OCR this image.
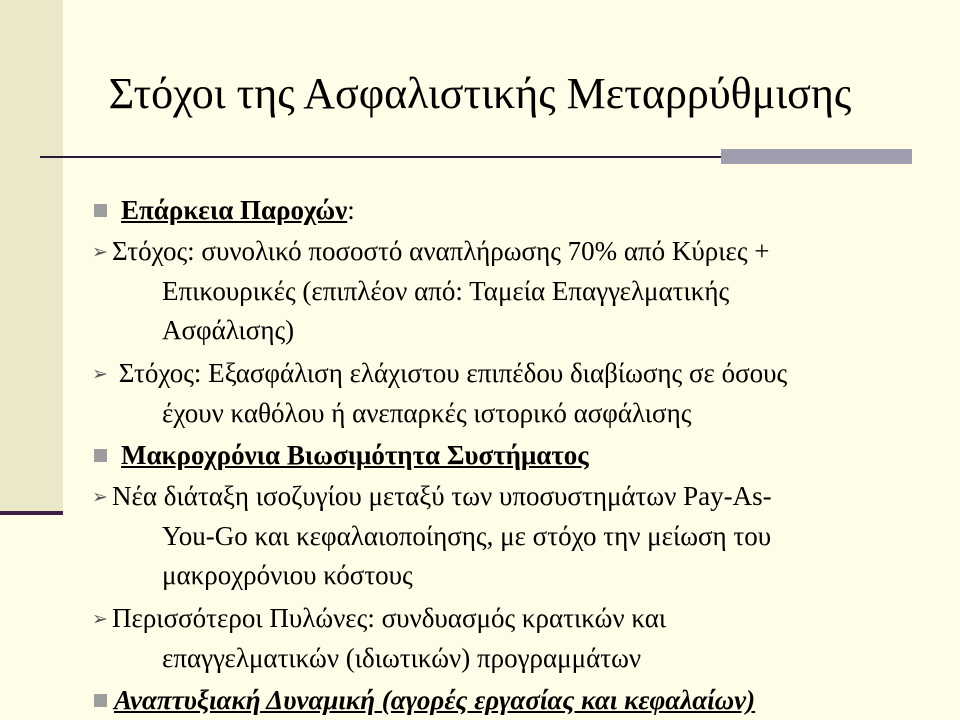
Στόχοι της Ασφαλιστικής Μεταρρύθμισης
Επάρκεια Παροχών:
➢ Στόχος: συνολικό ποσοστό αναπλήρωσης 70% από Κύριες +
Επικουρικές (επιπλέον από: Ταμεία Επαγγελματικής
Ασφάλισης)
➢ Στόχος: Εξασφάλιση ελάχιστου επιπέδου διαβίωσης σε όσους
έχουν καθόλου ή ανεπαρκές ιστορικό ασφάλισης
Μακροχρόνια Βιωσιμότητα Συστήματος
➢ Νέα διάταξη ισοζυγίου μεταξύ των υποσυστημάτων Pay-As-
You-Go και κεφαλαιοποίησης, με στόχο την μείωση του
μακροχρόνιου κόστους
➢ Περισσότεροι Πυλώνες: συνδυασμός κρατικών και
επαγγελματικών (ιδιωτικών) προγραμμάτων
Αναπτυξιακή Δυναμική (αγορές εργασίας και κεφαλαίων)
